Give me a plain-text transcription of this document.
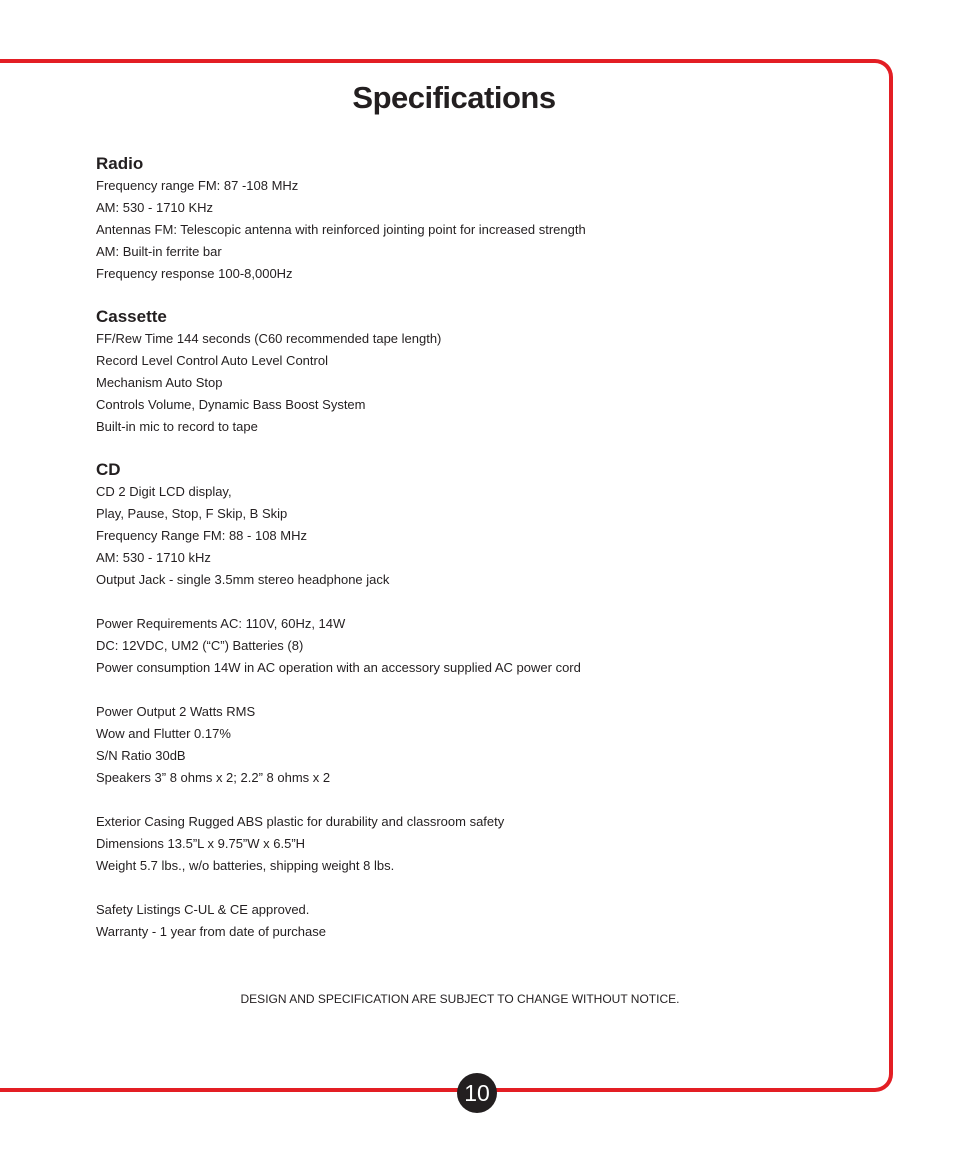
Specifications
Radio

Frequency range FM: 87 -108 MHz

AM: 530 - 1710 KHz

Antennas FM: Telescopic antenna with reinforced jointing point for increased strength

AM: Built-in ferrite bar

Frequency response 100-8,000Hz

Cassette

FF/Rew Time 144 seconds (C60 recommended tape length)

Record Level Control Auto Level Control

Mechanism Auto Stop

Controls Volume, Dynamic Bass Boost System

Built-in mic to record to tape

CD

CD 2 Digit LCD display,

Play, Pause, Stop, F Skip, B Skip

Frequency Range FM: 88 - 108 MHz

AM: 530 - 1710 kHz

Output Jack - single 3.5mm stereo headphone jack

Power Requirements AC: 110V, 60Hz, 14W

DC: 12VDC, UM2 (“C”) Batteries (8)

Power consumption 14W in AC operation with an accessory supplied AC power cord

Power Output 2 Watts RMS

Wow and Flutter 0.17%

S/N Ratio 30dB

Speakers 3” 8 ohms x 2; 2.2” 8 ohms x 2

Exterior Casing Rugged ABS plastic for durability and classroom safety

Dimensions 13.5”L x 9.75”W x 6.5”H

Weight 5.7 lbs., w/o batteries, shipping weight 8 lbs.

Safety Listings C-UL & CE approved.

Warranty - 1 year from date of purchase

DESIGN AND SPECIFICATION ARE SUBJECT TO CHANGE WITHOUT NOTICE.
10
